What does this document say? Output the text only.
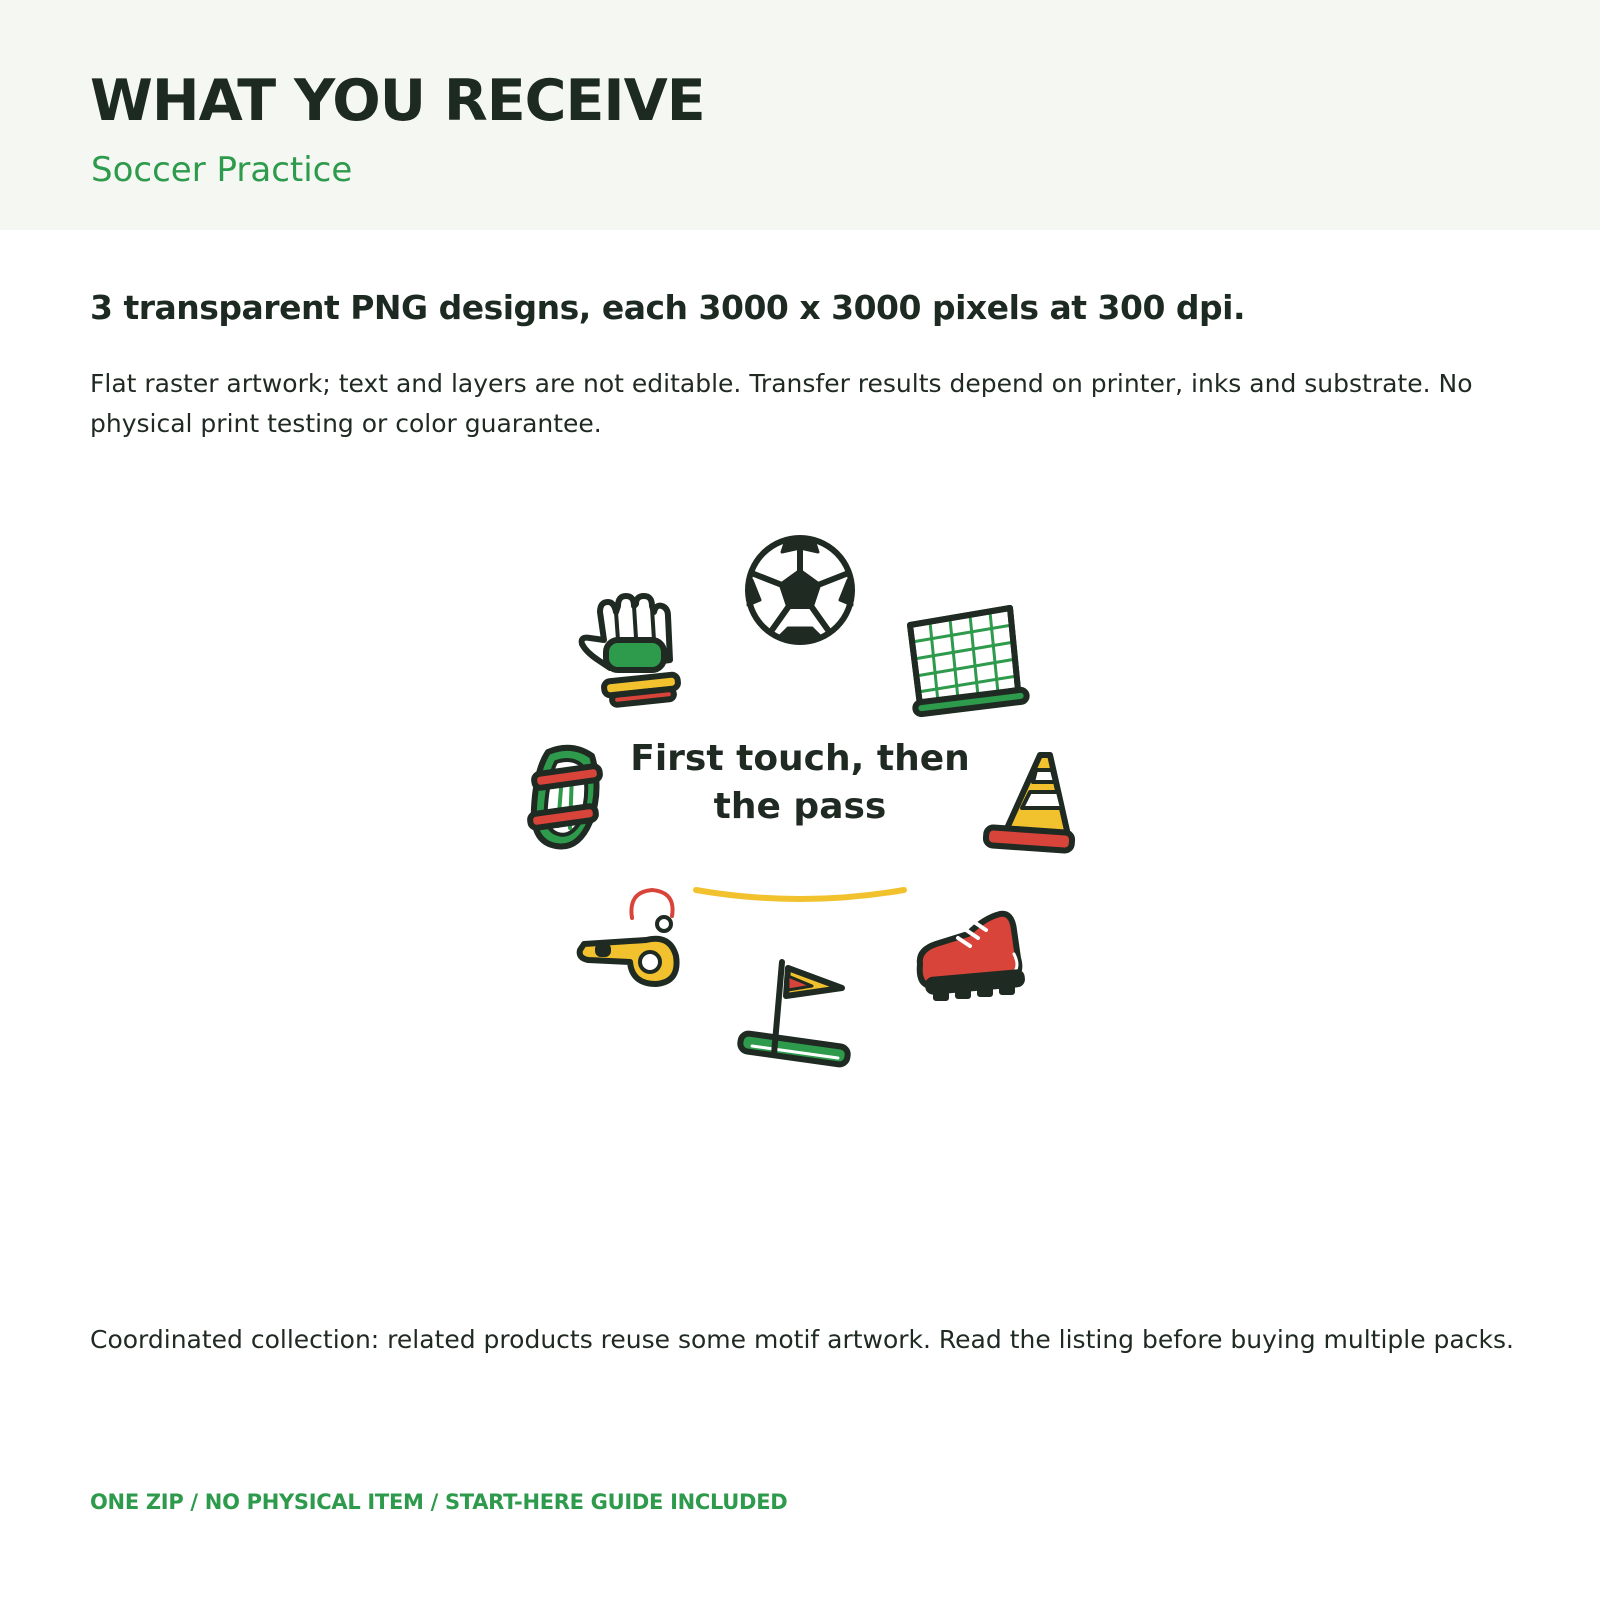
WHAT YOU RECEIVE

Soccer Practice

3 transparent PNG designs, each 3000 x 3000 pixels at 300 dpi.

Flat raster artwork; text and layers are not editable. Transfer results depend on printer, inks and substrate. No physical print testing or color guarantee.

First touch, then
the pass

Coordinated collection: related products reuse some motif artwork. Read the listing before buying multiple packs.

ONE ZIP / NO PHYSICAL ITEM / START-HERE GUIDE INCLUDED
